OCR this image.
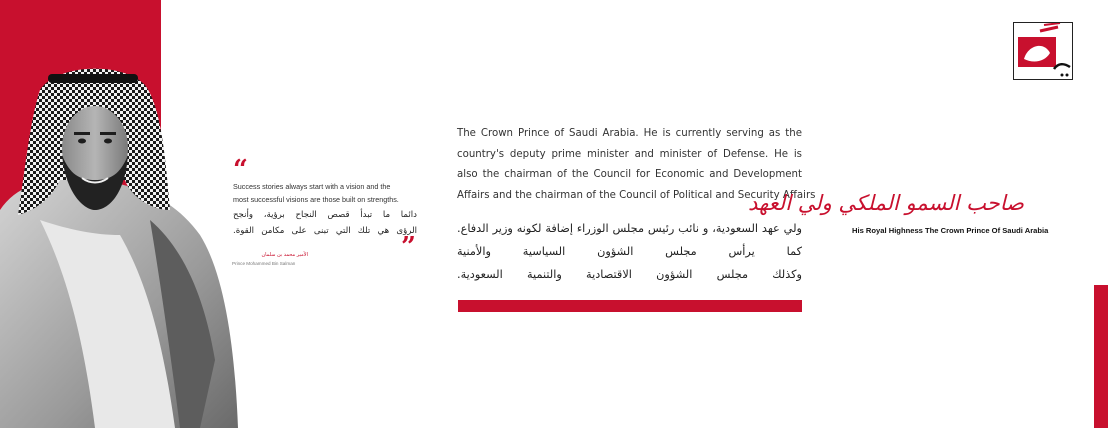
“
Success stories always start with a vision and the
most successful visions are those built on strengths.
دائما ما تبدأ قصص النجاح برؤية، وأنجح
الرؤى هي تلك التي تبنى على مكامن القوة.
”
الأمير محمد بن سلمان
Prince Mohammed Bin Salman
The Crown Prince of Saudi Arabia. He is currently serving as the
country's deputy prime minister and minister of Defense. He is
also the chairman of the Council for Economic and Development
Affairs and the chairman of the Council of Political and Security Affairs
ولي عهد السعودية، و نائب رئيس مجلس الوزراء إضافة لكونه وزير الدفاع.
كما يرأس مجلس الشؤون السياسية والأمنية
وكذلك مجلس الشؤون الاقتصادية والتنمية السعودية.
صاحب السمو الملكي ولي العهد
His Royal Highness The Crown Prince Of Saudi Arabia
